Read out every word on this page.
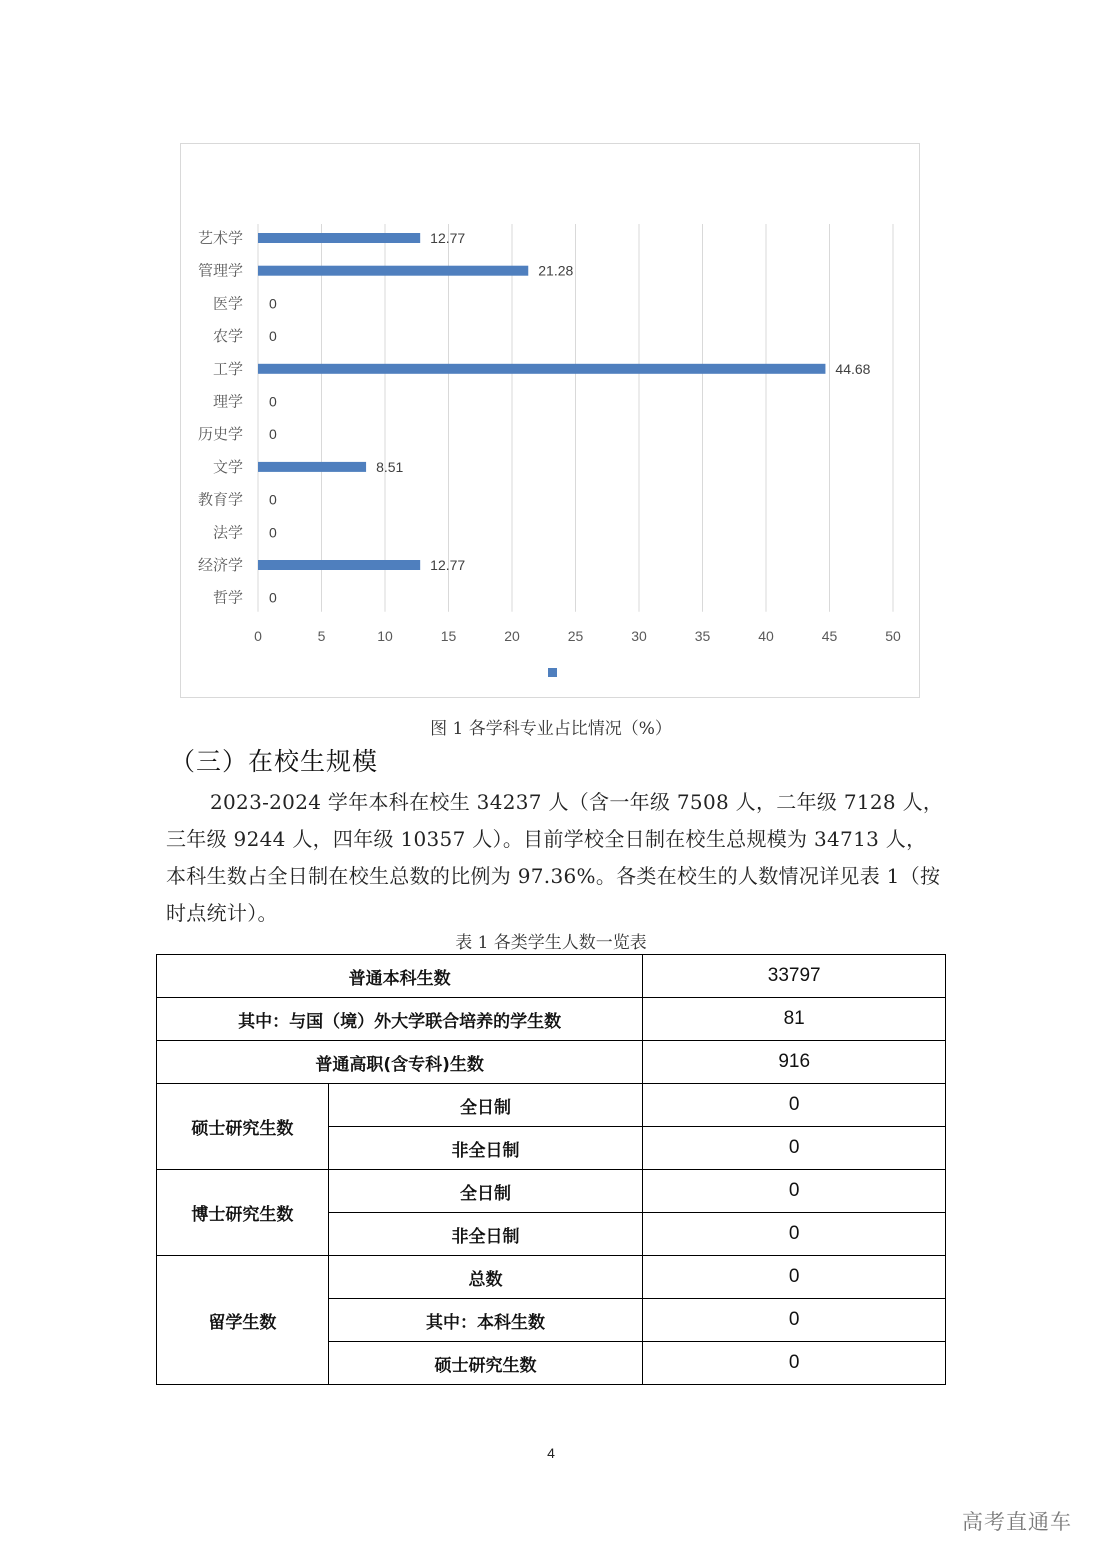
0	5	10	15	20	25	30	35	40	45	50
艺术学	12.77
管理学	21.28
医学 0
农学 0
工学	44.68
理学 0
历史学 0
文学	8.51
教育学 0
法学 0
经济学	12.77
哲学 0
图 1 各学科专业占比情况（%）
（三）在校生规模
2023-2024 学年本科在校生 34237 人（含一年级 7508 人，二年级 7128 人，三年级 9244 人，四年级 10357 人）。目前学校全日制在校生总规模为 34713 人，本科生数占全日制在校生总数的比例为 97.36%。各类在校生的人数情况详见表 1（按时点统计）。
表 1 各类学生人数一览表
普通本科生数		33797
其中：与国（境）外大学联合培养的学生数		81
普通高职(含专科)生数		916
硕士研究生数	全日制	0
	非全日制	0
博士研究生数	全日制	0
	非全日制	0
留学生数	总数	0
	其中：本科生数	0
	硕士研究生数	0
4
高考直通车
